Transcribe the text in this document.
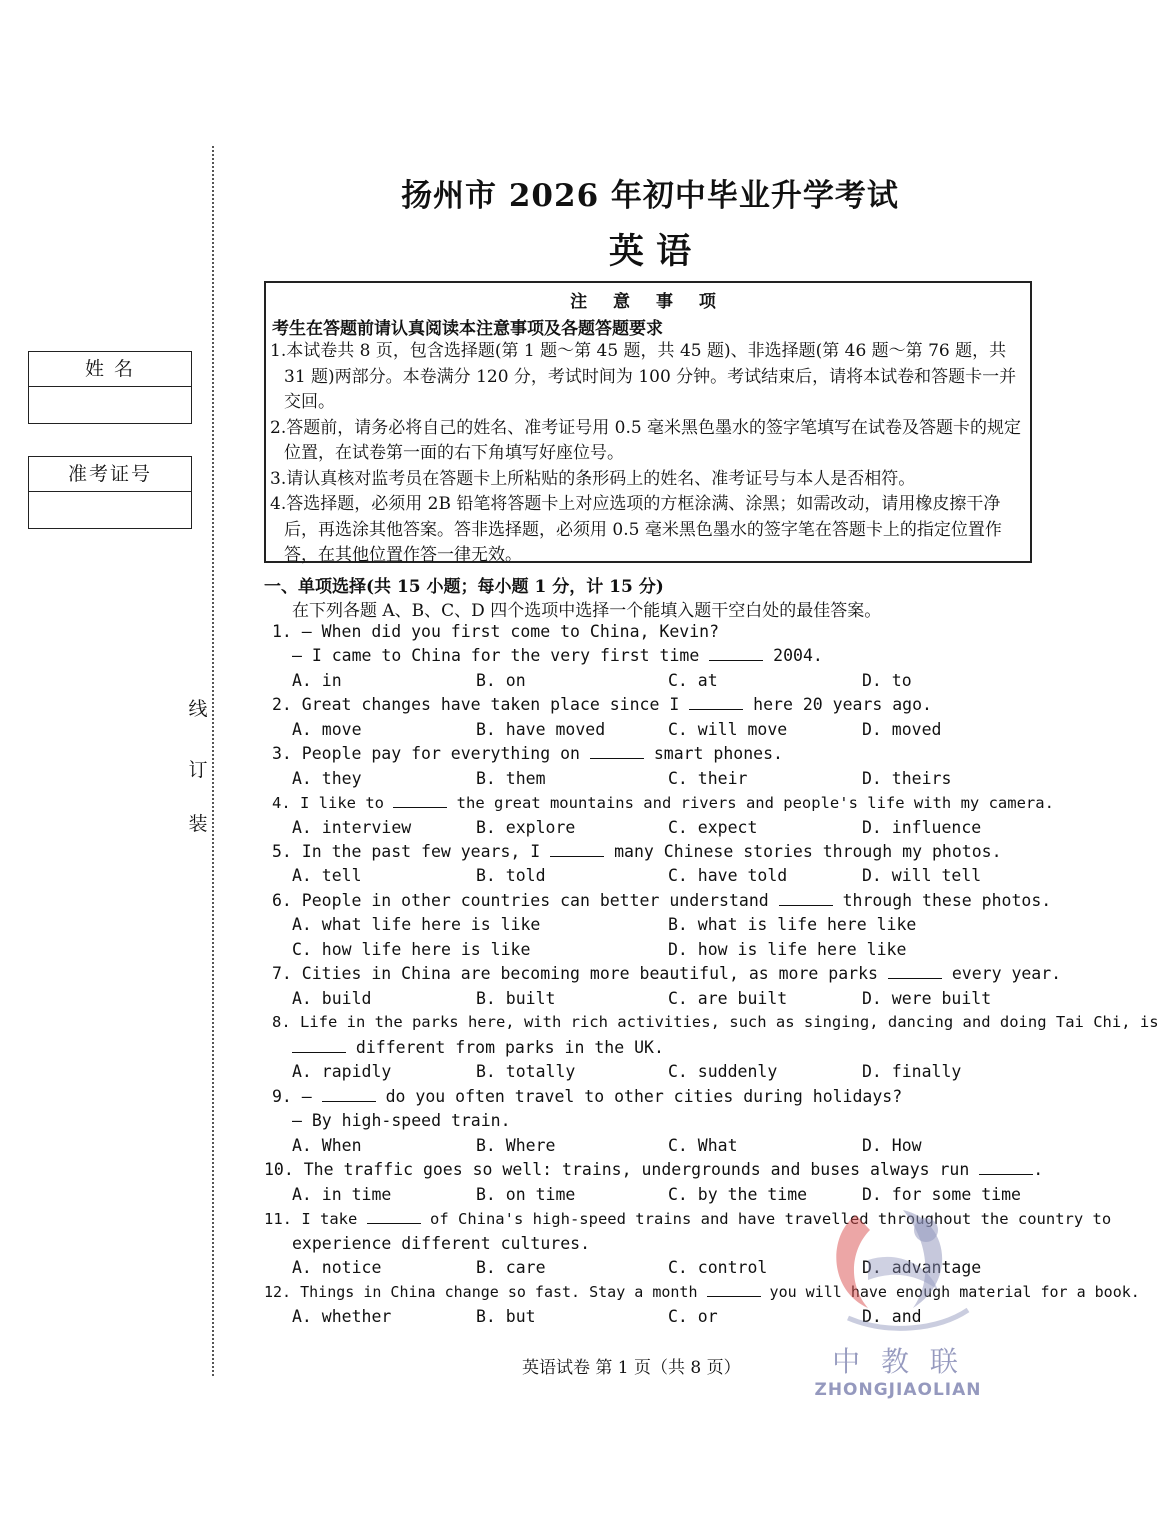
姓 名
准考证号
线
订
装
扬州市 2026 年初中毕业升学考试
英 语
注 意 事 项
考生在答题前请认真阅读本注意事项及各题答题要求
1.本试卷共 8 页，包含选择题(第 1 题～第 45 题，共 45 题)、非选择题(第 46 题～第 76 题，共 31 题)两部分。本卷满分 120 分，考试时间为 100 分钟。考试结束后，请将本试卷和答题卡一并交回。
2.答题前，请务必将自己的姓名、准考证号用 0.5 毫米黑色墨水的签字笔填写在试卷及答题卡的规定位置，在试卷第一面的右下角填写好座位号。
3.请认真核对监考员在答题卡上所粘贴的条形码上的姓名、准考证号与本人是否相符。
4.答选择题，必须用 2B 铅笔将答题卡上对应选项的方框涂满、涂黑；如需改动，请用橡皮擦干净后，再选涂其他答案。答非选择题，必须用 0.5 毫米黑色墨水的签字笔在答题卡上的指定位置作答，在其他位置作答一律无效。
一、单项选择(共 15 小题；每小题 1 分，计 15 分)
在下列各题 A、B、C、D 四个选项中选择一个能填入题干空白处的最佳答案。
1. — When did you first come to China, Kevin?
— I came to China for the very first time	2004.
A. in	B. on	C. at	D. to
2. Great changes have taken place since I	here 20 years ago.
A. move	B. have moved	C. will move	D. moved
3. People pay for everything on	smart phones.
A. they	B. them	C. their	D. theirs
4. I like to	the great mountains and rivers and people's life with my camera.
A. interview	B. explore	C. expect	D. influence
5. In the past few years, I	many Chinese stories through my photos.
A. tell	B. told	C. have told	D. will tell
6. People in other countries can better understand	through these photos.
A. what life here is like	B. what is life here like
C. how life here is like	D. how is life here like
7. Cities in China are becoming more beautiful, as more parks	every year.
A. build	B. built	C. are built	D. were built
8. Life in the parks here, with rich activities, such as singing, dancing and doing Tai Chi, is
different from parks in the UK.
A. rapidly	B. totally	C. suddenly	D. finally
9. —	do you often travel to other cities during holidays?
— By high-speed train.
A. When	B. Where	C. What	D. How
10. The traffic goes so well: trains, undergrounds and buses always run	.
A. in time	B. on time	C. by the time	D. for some time
11. I take	of China's high-speed trains and have travelled throughout the country to
experience different cultures.
A. notice	B. care	C. control	D. advantage
12. Things in China change so fast. Stay a month	you will have enough material for a book.
A. whether	B. but	C. or	D. and
英语试卷 第 1 页（共 8 页）	中 教 联
ZHONGJIAOLIAN
